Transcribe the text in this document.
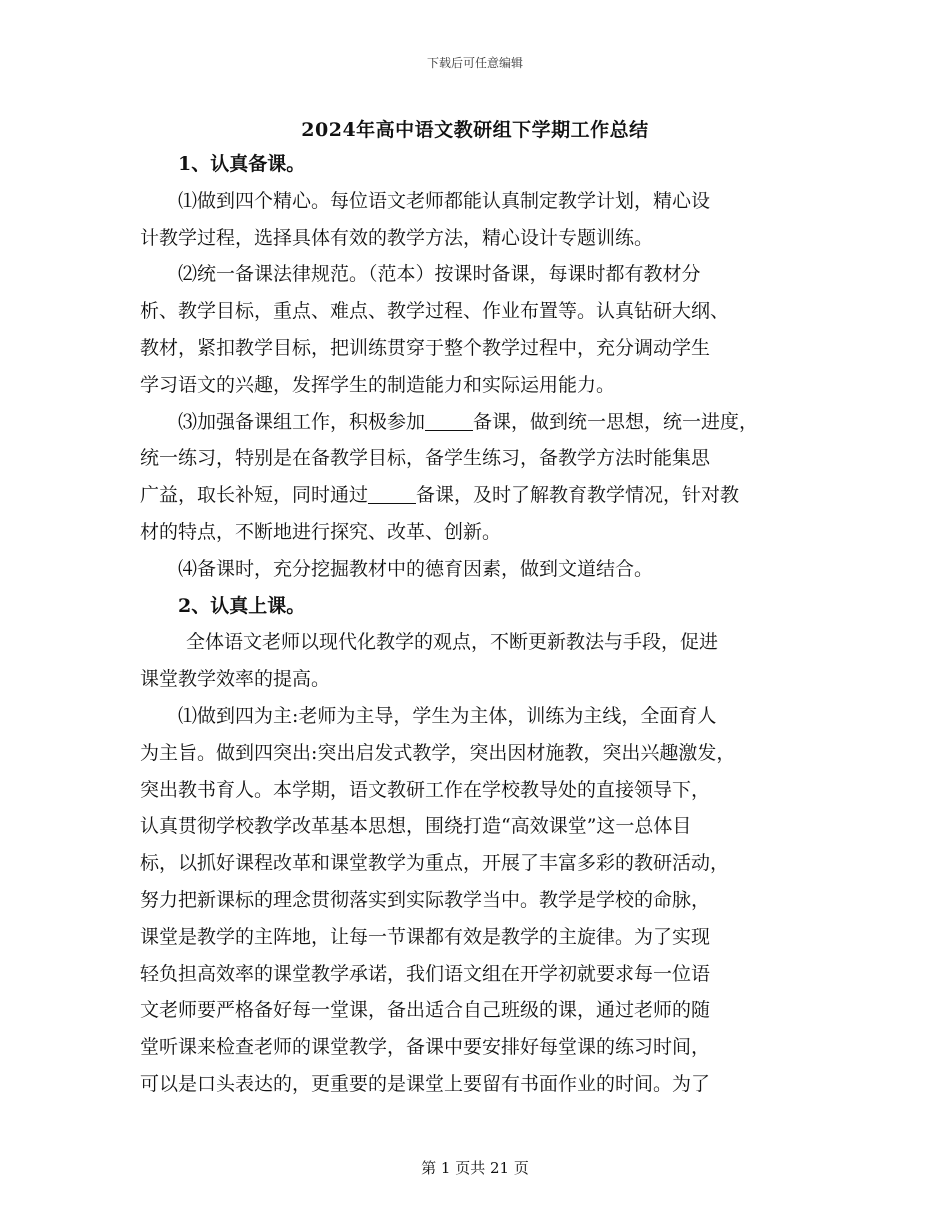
下载后可任意编辑
2024年高中语文教研组下学期工作总结
1、认真备课。
⑴做到四个精心。每位语文老师都能认真制定教学计划，精心设
计教学过程，选择具体有效的教学方法，精心设计专题训练。
⑵统一备课法律规范。（范本）按课时备课，每课时都有教材分
析、教学目标，重点、难点、教学过程、作业布置等。认真钻研大纲、
教材，紧扣教学目标，把训练贯穿于整个教学过程中，充分调动学生
学习语文的兴趣，发挥学生的制造能力和实际运用能力。
⑶加强备课组工作，积极参加	备课，做到统一思想，统一进度，
统一练习，特别是在备教学目标，备学生练习，备教学方法时能集思
广益，取长补短，同时通过	备课，及时了解教育教学情况，针对教
材的特点，不断地进行探究、改革、创新。
⑷备课时，充分挖掘教材中的德育因素，做到文道结合。
2、认真上课。
全体语文老师以现代化教学的观点，不断更新教法与手段，促进
课堂教学效率的提高。
⑴做到四为主:老师为主导，学生为主体，训练为主线，全面育人
为主旨。做到四突出:突出启发式教学，突出因材施教，突出兴趣激发，
突出教书育人。本学期，语文教研工作在学校教导处的直接领导下，
认真贯彻学校教学改革基本思想，围绕打造“高效课堂”这一总体目
标，以抓好课程改革和课堂教学为重点，开展了丰富多彩的教研活动，
努力把新课标的理念贯彻落实到实际教学当中。教学是学校的命脉，
课堂是教学的主阵地，让每一节课都有效是教学的主旋律。为了实现
轻负担高效率的课堂教学承诺，我们语文组在开学初就要求每一位语
文老师要严格备好每一堂课，备出适合自己班级的课，通过老师的随
堂听课来检查老师的课堂教学，备课中要安排好每堂课的练习时间，
可以是口头表达的，更重要的是课堂上要留有书面作业的时间。为了
第 1 页共 21 页
